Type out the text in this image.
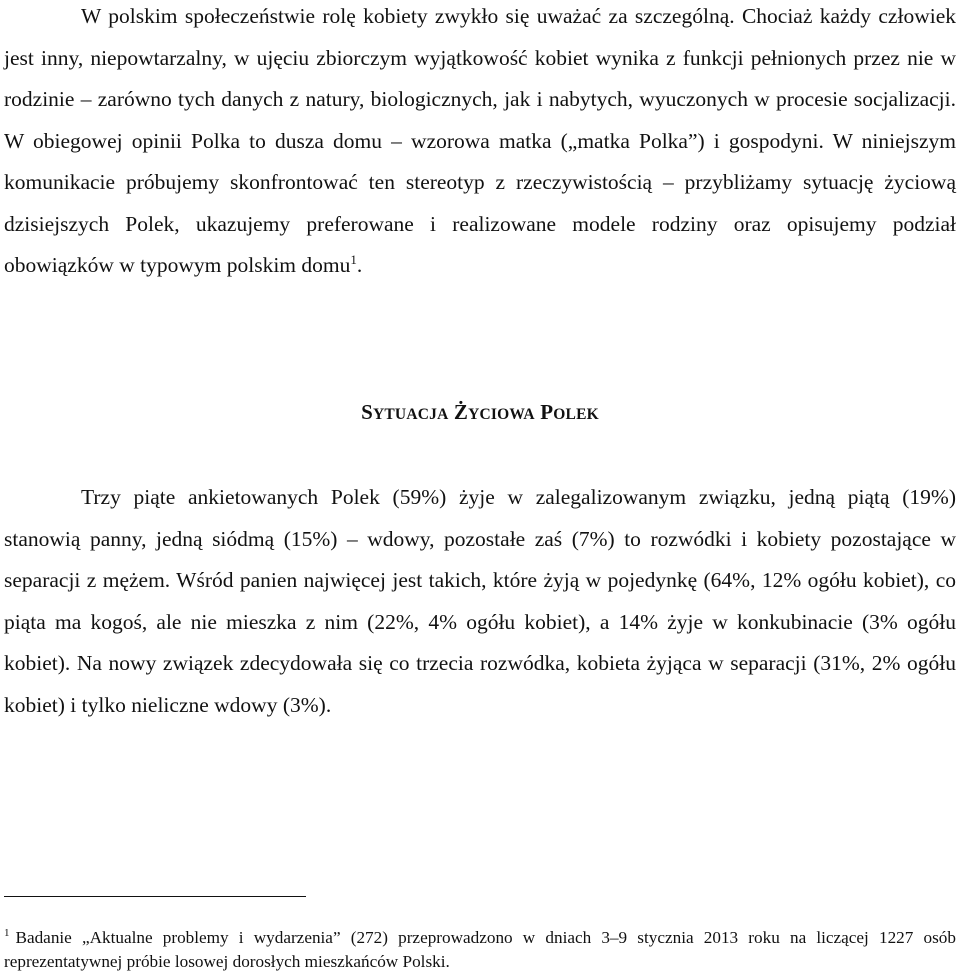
W polskim społeczeństwie rolę kobiety zwykło się uważać za szczególną. Chociaż każdy człowiek jest inny, niepowtarzalny, w ujęciu zbiorczym wyjątkowość kobiet wynika z funkcji pełnionych przez nie w rodzinie – zarówno tych danych z natury, biologicznych, jak i nabytych, wyuczonych w procesie socjalizacji. W obiegowej opinii Polka to dusza domu – wzorowa matka („matka Polka”) i gospodyni. W niniejszym komunikacie próbujemy skonfrontować ten stereotyp z rzeczywistością – przybliżamy sytuację życiową dzisiejszych Polek, ukazujemy preferowane i realizowane modele rodziny oraz opisujemy podział obowiązków w typowym polskim domu$^1$.

SYTUACJA ŻYCIOWA POLEK

Trzy piąte ankietowanych Polek (59%) żyje w zalegalizowanym związku, jedną piątą (19%) stanowią panny, jedną siódmą (15%) – wdowy, pozostałe zaś (7%) to rozwódki i kobiety pozostające w separacji z mężem. Wśród panien najwięcej jest takich, które żyją w pojedynkę (64%, 12% ogółu kobiet), co piąta ma kogoś, ale nie mieszka z nim (22%, 4% ogółu kobiet), a 14% żyje w konkubinacie (3% ogółu kobiet). Na nowy związek zdecydowała się co trzecia rozwódka, kobieta żyjąca w separacji (31%, 2% ogółu kobiet) i tylko nieliczne wdowy (3%).

$^1$ Badanie „Aktualne problemy i wydarzenia” (272) przeprowadzono w dniach 3–9 stycznia 2013 roku na liczącej 1227 osób reprezentatywnej próbie losowej dorosłych mieszkańców Polski.
